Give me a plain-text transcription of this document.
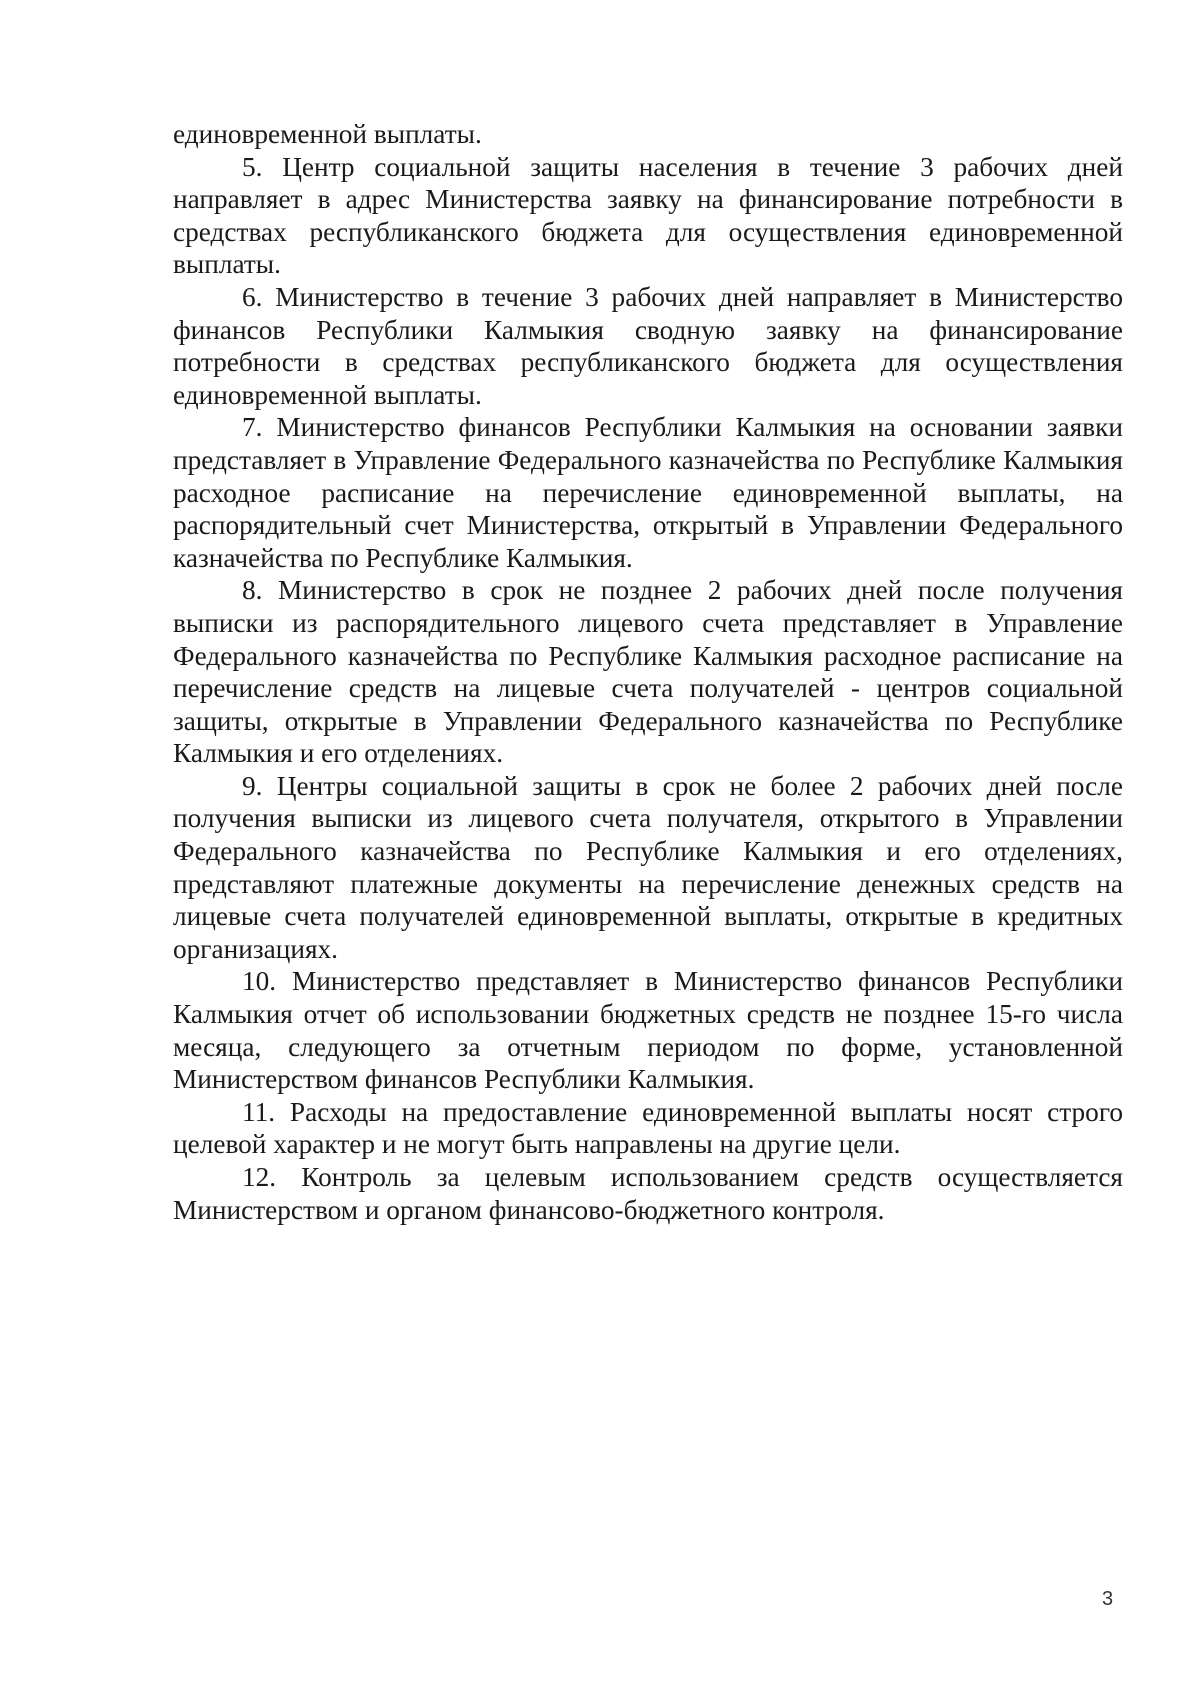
единовременной выплаты.

5. Центр социальной защиты населения в течение 3 рабочих дней направляет в адрес Министерства заявку на финансирование потребности в средствах республиканского бюджета для осуществления единовременной выплаты.

6. Министерство в течение 3 рабочих дней направляет в Министерство финансов Республики Калмыкия сводную заявку на финансирование потребности в средствах республиканского бюджета для осуществления единовременной выплаты.

7. Министерство финансов Республики Калмыкия на основании заявки представляет в Управление Федерального казначейства по Республике Калмыкия расходное расписание на перечисление единовременной выплаты, на распорядительный счет Министерства, открытый в Управлении Федерального казначейства по Республике Калмыкия.

8. Министерство в срок не позднее 2 рабочих дней после получения выписки из распорядительного лицевого счета представляет в Управление Федерального казначейства по Республике Калмыкия расходное расписание на перечисление средств на лицевые счета получателей - центров социальной защиты, открытые в Управлении Федерального казначейства по Республике Калмыкия и его отделениях.

9. Центры социальной защиты в срок не более 2 рабочих дней после получения выписки из лицевого счета получателя, открытого в Управлении Федерального казначейства по Республике Калмыкия и его отделениях, представляют платежные документы на перечисление денежных средств на лицевые счета получателей единовременной выплаты, открытые в кредитных организациях.

10. Министерство представляет в Министерство финансов Республики Калмыкия отчет об использовании бюджетных средств не позднее 15-го числа месяца, следующего за отчетным периодом по форме, установленной Министерством финансов Республики Калмыкия.

11. Расходы на предоставление единовременной выплаты носят строго целевой характер и не могут быть направлены на другие цели.

12. Контроль за целевым использованием средств осуществляется Министерством и органом финансово-бюджетного контроля.

3
